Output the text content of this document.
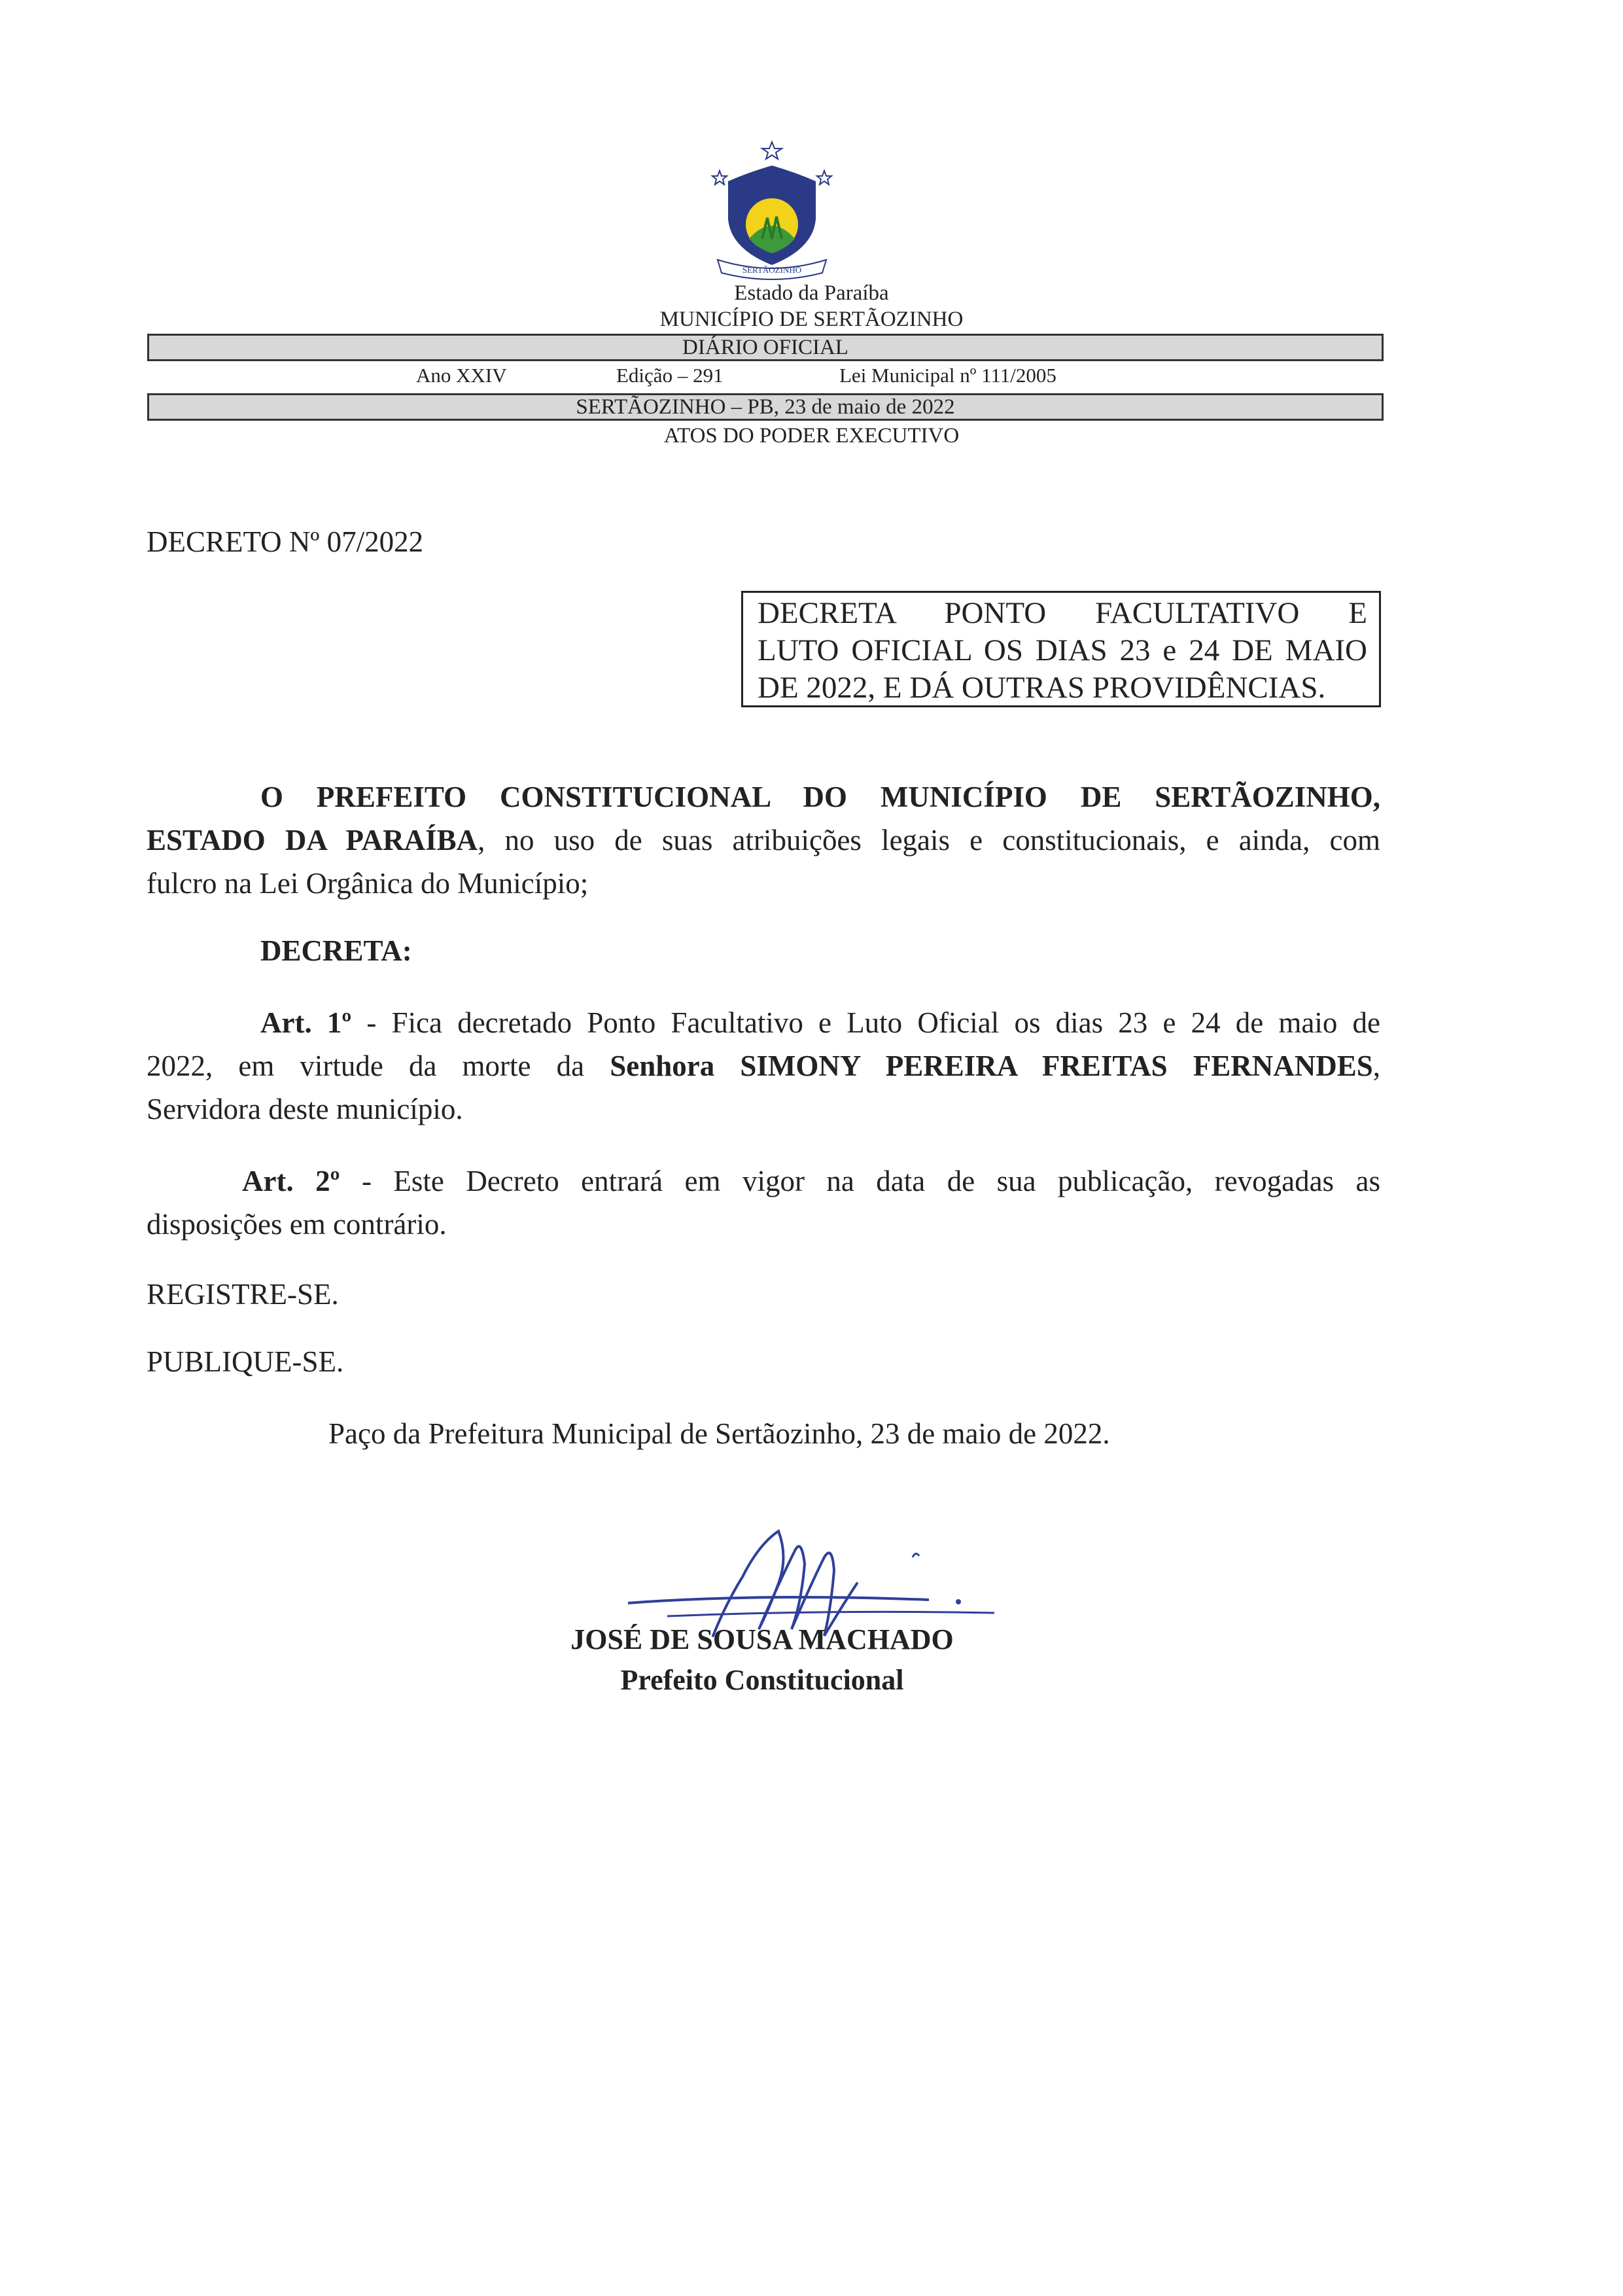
SERTÃOZINHO
Estado da Paraíba
MUNICÍPIO DE SERTÃOZINHO
DIÁRIO OFICIAL
Ano XXIV	Edição – 291	Lei Municipal nº 111/2005
SERTÃOZINHO – PB, 23 de maio de 2022
ATOS DO PODER EXECUTIVO
DECRETO Nº 07/2022
DECRETA PONTO FACULTATIVO E
LUTO OFICIAL OS DIAS 23 e 24 DE MAIO
DE 2022, E DÁ OUTRAS PROVIDÊNCIAS.
O PREFEITO CONSTITUCIONAL DO MUNICÍPIO DE SERTÃOZINHO,
ESTADO DA PARAÍBA, no uso de suas atribuições legais e constitucionais, e ainda, com
fulcro na Lei Orgânica do Município;
DECRETA:
Art. 1º - Fica decretado Ponto Facultativo e Luto Oficial os dias 23 e 24 de maio de
2022, em virtude da morte da Senhora SIMONY PEREIRA FREITAS FERNANDES,
Servidora deste município.
Art. 2º - Este Decreto entrará em vigor na data de sua publicação, revogadas as
disposições em contrário.
REGISTRE-SE.
PUBLIQUE-SE.
Paço da Prefeitura Municipal de Sertãozinho, 23 de maio de 2022.
JOSÉ DE SOUSA MACHADO
Prefeito Constitucional
